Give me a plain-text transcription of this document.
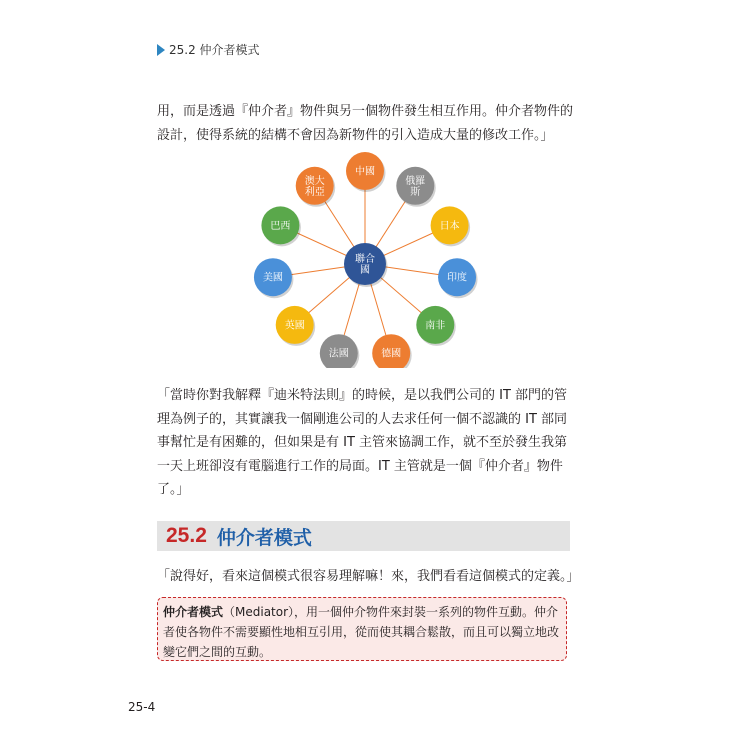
25.2 仲介者模式

用，而是透過『仲介者』物件與另一個物件發生相互作用。仲介者物件的設計，使得系統的結構不會因為新物件的引入造成大量的修改工作。」

中國
俄羅
斯
日本
印度
南非
德國
法國
英國
美國
巴西
澳大
利亞
聯合
國

「當時你對我解釋『迪米特法則』的時候，是以我們公司的 IT 部門的管理為例子的，其實讓我一個剛進公司的人去求任何一個不認識的 IT 部同事幫忙是有困難的，但如果是有 IT 主管來協調工作，就不至於發生我第一天上班卻沒有電腦進行工作的局面。IT 主管就是一個『仲介者』物件了。」

25.2 仲介者模式

「說得好，看來這個模式很容易理解嘛！來，我們看看這個模式的定義。」

仲介者模式（Mediator），用一個仲介物件來封裝一系列的物件互動。仲介者使各物件不需要顯性地相互引用，從而使其耦合鬆散，而且可以獨立地改變它們之間的互動。
25-4
